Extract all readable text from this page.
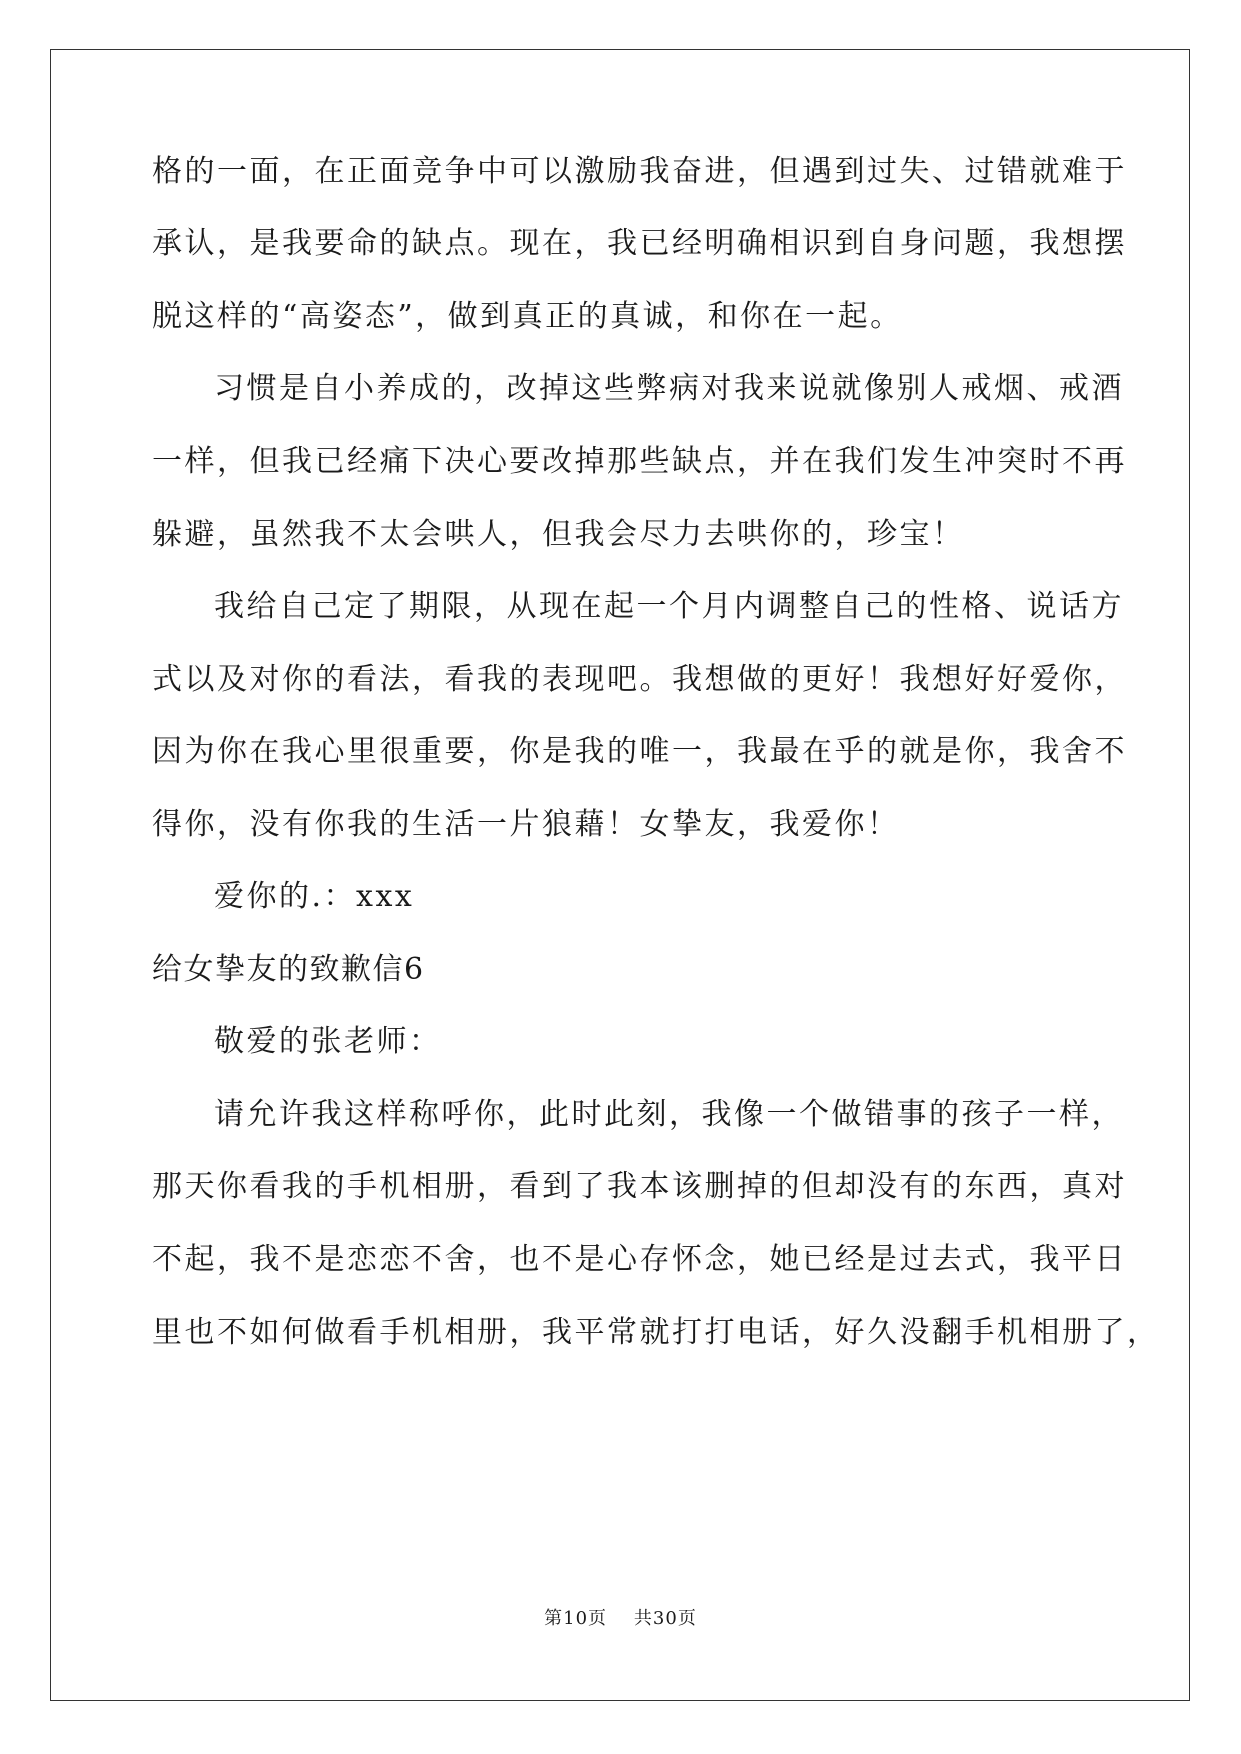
格的一面，在正面竞争中可以激励我奋进，但遇到过失、过错就难于
承认，是我要命的缺点。现在，我已经明确相识到自身问题，我想摆
脱这样的“高姿态”，做到真正的真诚，和你在一起。
习惯是自小养成的，改掉这些弊病对我来说就像别人戒烟、戒酒
一样，但我已经痛下决心要改掉那些缺点，并在我们发生冲突时不再
躲避，虽然我不太会哄人，但我会尽力去哄你的，珍宝！
我给自己定了期限，从现在起一个月内调整自己的性格、说话方
式以及对你的看法，看我的表现吧。我想做的更好！我想好好爱你，
因为你在我心里很重要，你是我的唯一，我最在乎的就是你，我舍不
得你，没有你我的生活一片狼藉！女挚友，我爱你！
爱你的.：xxx
给女挚友的致歉信6
敬爱的张老师：
请允许我这样称呼你，此时此刻，我像一个做错事的孩子一样，
那天你看我的手机相册，看到了我本该删掉的但却没有的东西，真对
不起，我不是恋恋不舍，也不是心存怀念，她已经是过去式，我平日
里也不如何做看手机相册，我平常就打打电话，好久没翻手机相册了，
第10页    共30页
